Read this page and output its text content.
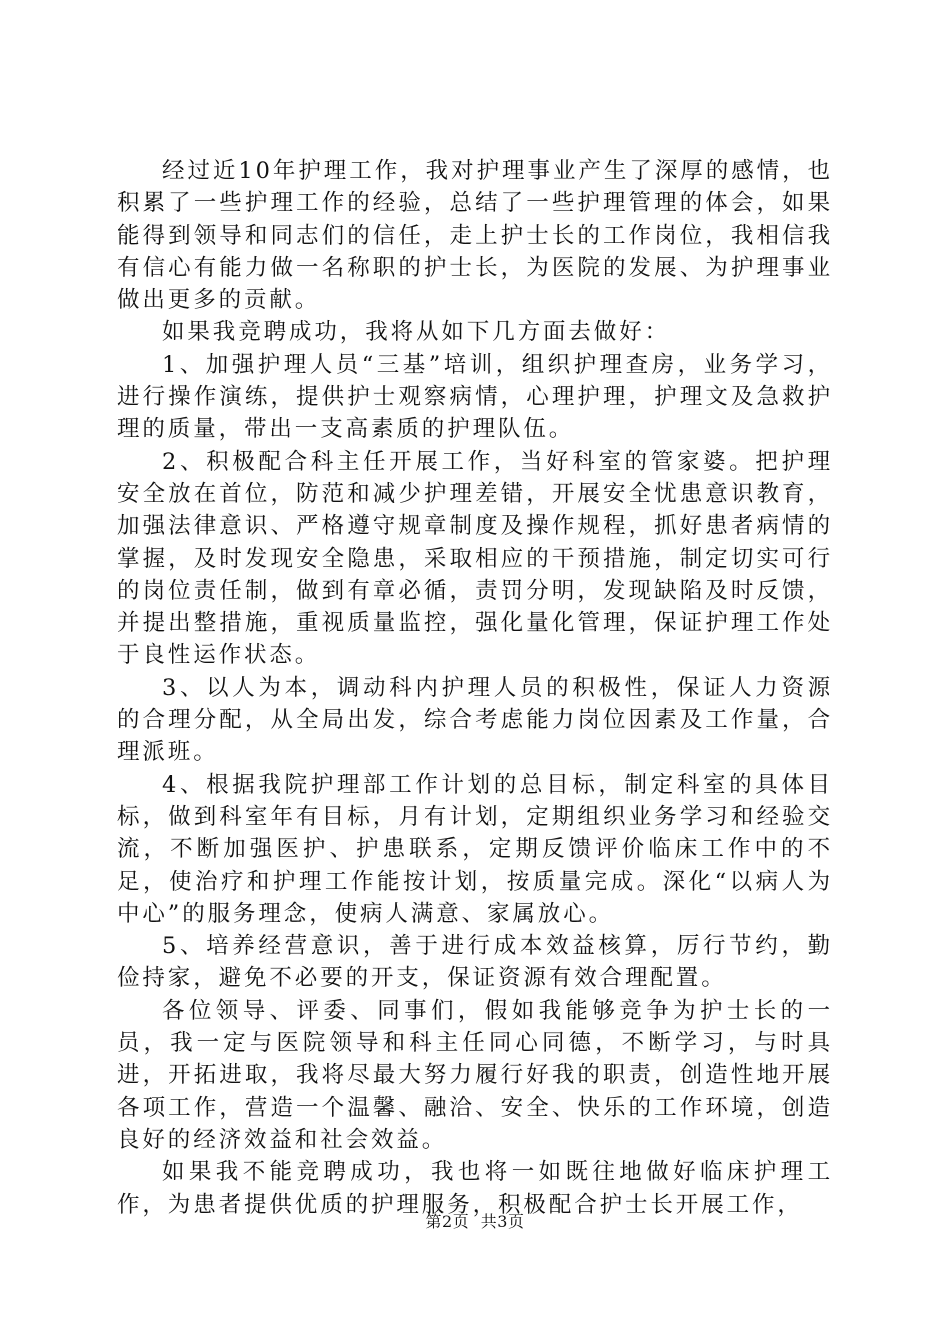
经过近10年护理工作，我对护理事业产生了深厚的感情，也积累了一些护理工作的经验，总结了一些护理管理的体会，如果能得到领导和同志们的信任，走上护士长的工作岗位，我相信我有信心有能力做一名称职的护士长，为医院的发展、为护理事业做出更多的贡献。

如果我竞聘成功，我将从如下几方面去做好：

1、加强护理人员“三基”培训，组织护理查房，业务学习，进行操作演练，提供护士观察病情，心理护理，护理文及急救护理的质量，带出一支高素质的护理队伍。

2、积极配合科主任开展工作，当好科室的管家婆。把护理安全放在首位，防范和减少护理差错，开展安全忧患意识教育，加强法律意识、严格遵守规章制度及操作规程，抓好患者病情的掌握，及时发现安全隐患，采取相应的干预措施，制定切实可行的岗位责任制，做到有章必循，责罚分明，发现缺陷及时反馈，并提出整措施，重视质量监控，强化量化管理，保证护理工作处于良性运作状态。

3、以人为本，调动科内护理人员的积极性，保证人力资源的合理分配，从全局出发，综合考虑能力岗位因素及工作量，合理派班。

4、根据我院护理部工作计划的总目标，制定科室的具体目标，做到科室年有目标，月有计划，定期组织业务学习和经验交流，不断加强医护、护患联系，定期反馈评价临床工作中的不足，使治疗和护理工作能按计划，按质量完成。深化“以病人为中心”的服务理念，使病人满意、家属放心。

5、培养经营意识，善于进行成本效益核算，厉行节约，勤俭持家，避免不必要的开支，保证资源有效合理配置。

各位领导、评委、同事们，假如我能够竞争为护士长的一员，我一定与医院领导和科主任同心同德，不断学习，与时具进，开拓进取，我将尽最大努力履行好我的职责，创造性地开展各项工作，营造一个温馨、融洽、安全、快乐的工作环境，创造良好的经济效益和社会效益。

如果我不能竞聘成功，我也将一如既往地做好临床护理工作，为患者提供优质的护理服务，积极配合护士长开展工作，

第2页 共3页
